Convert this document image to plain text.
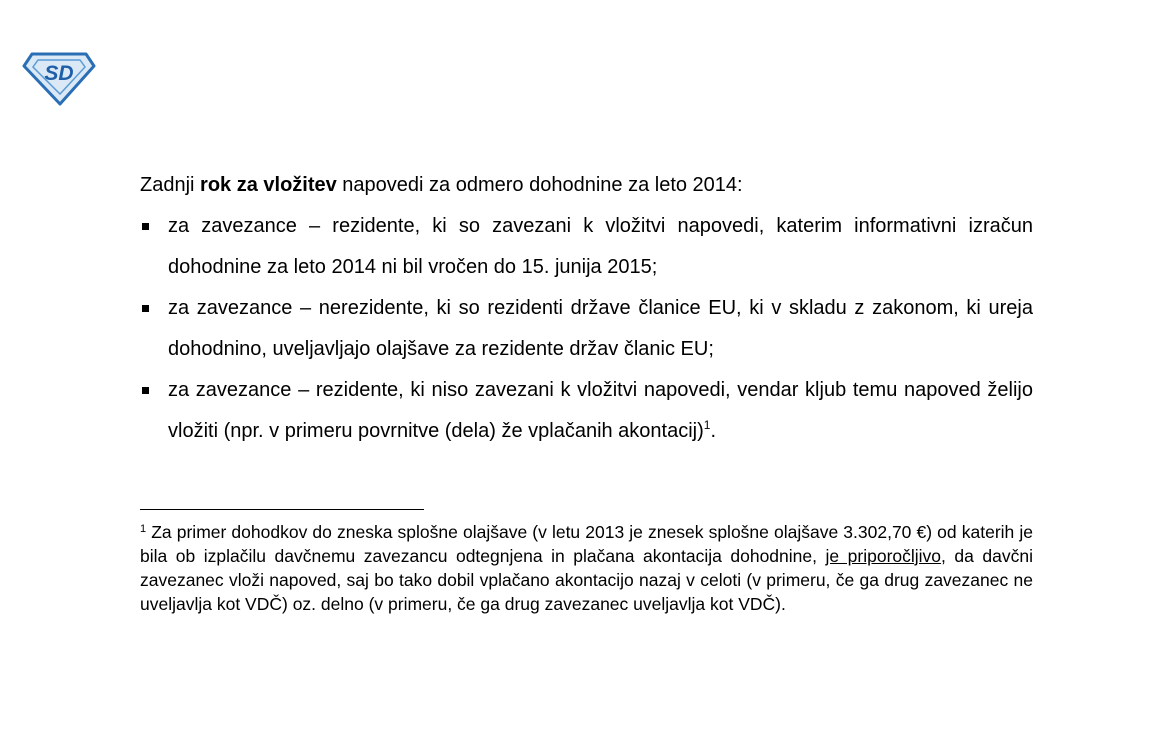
SD

Zadnji rok za vložitev napovedi za odmero dohodnine za leto 2014:

za zavezance – rezidente, ki so zavezani k vložitvi napovedi, katerim informativni izračun dohodnine za leto 2014 ni bil vročen do 15. junija 2015;
za zavezance – nerezidente, ki so rezidenti države članice EU, ki v skladu z zakonom, ki ureja dohodnino, uveljavljajo olajšave za rezidente držav članic EU;
za zavezance – rezidente, ki niso zavezani k vložitvi napovedi, vendar kljub temu napoved želijo vložiti (npr. v primeru povrnitve (dela) že vplačanih akontacij)$^1$.

$^1$ Za primer dohodkov do zneska splošne olajšave (v letu 2013 je znesek splošne olajšave 3.302,70 €) od katerih je bila ob izplačilu davčnemu zavezancu odtegnjena in plačana akontacija dohodnine, je priporočljivo, da davčni zavezanec vloži napoved, saj bo tako dobil vplačano akontacijo nazaj v celoti (v primeru, če ga drug zavezanec ne uveljavlja kot VDČ) oz. delno (v primeru, če ga drug zavezanec uveljavlja kot VDČ).
